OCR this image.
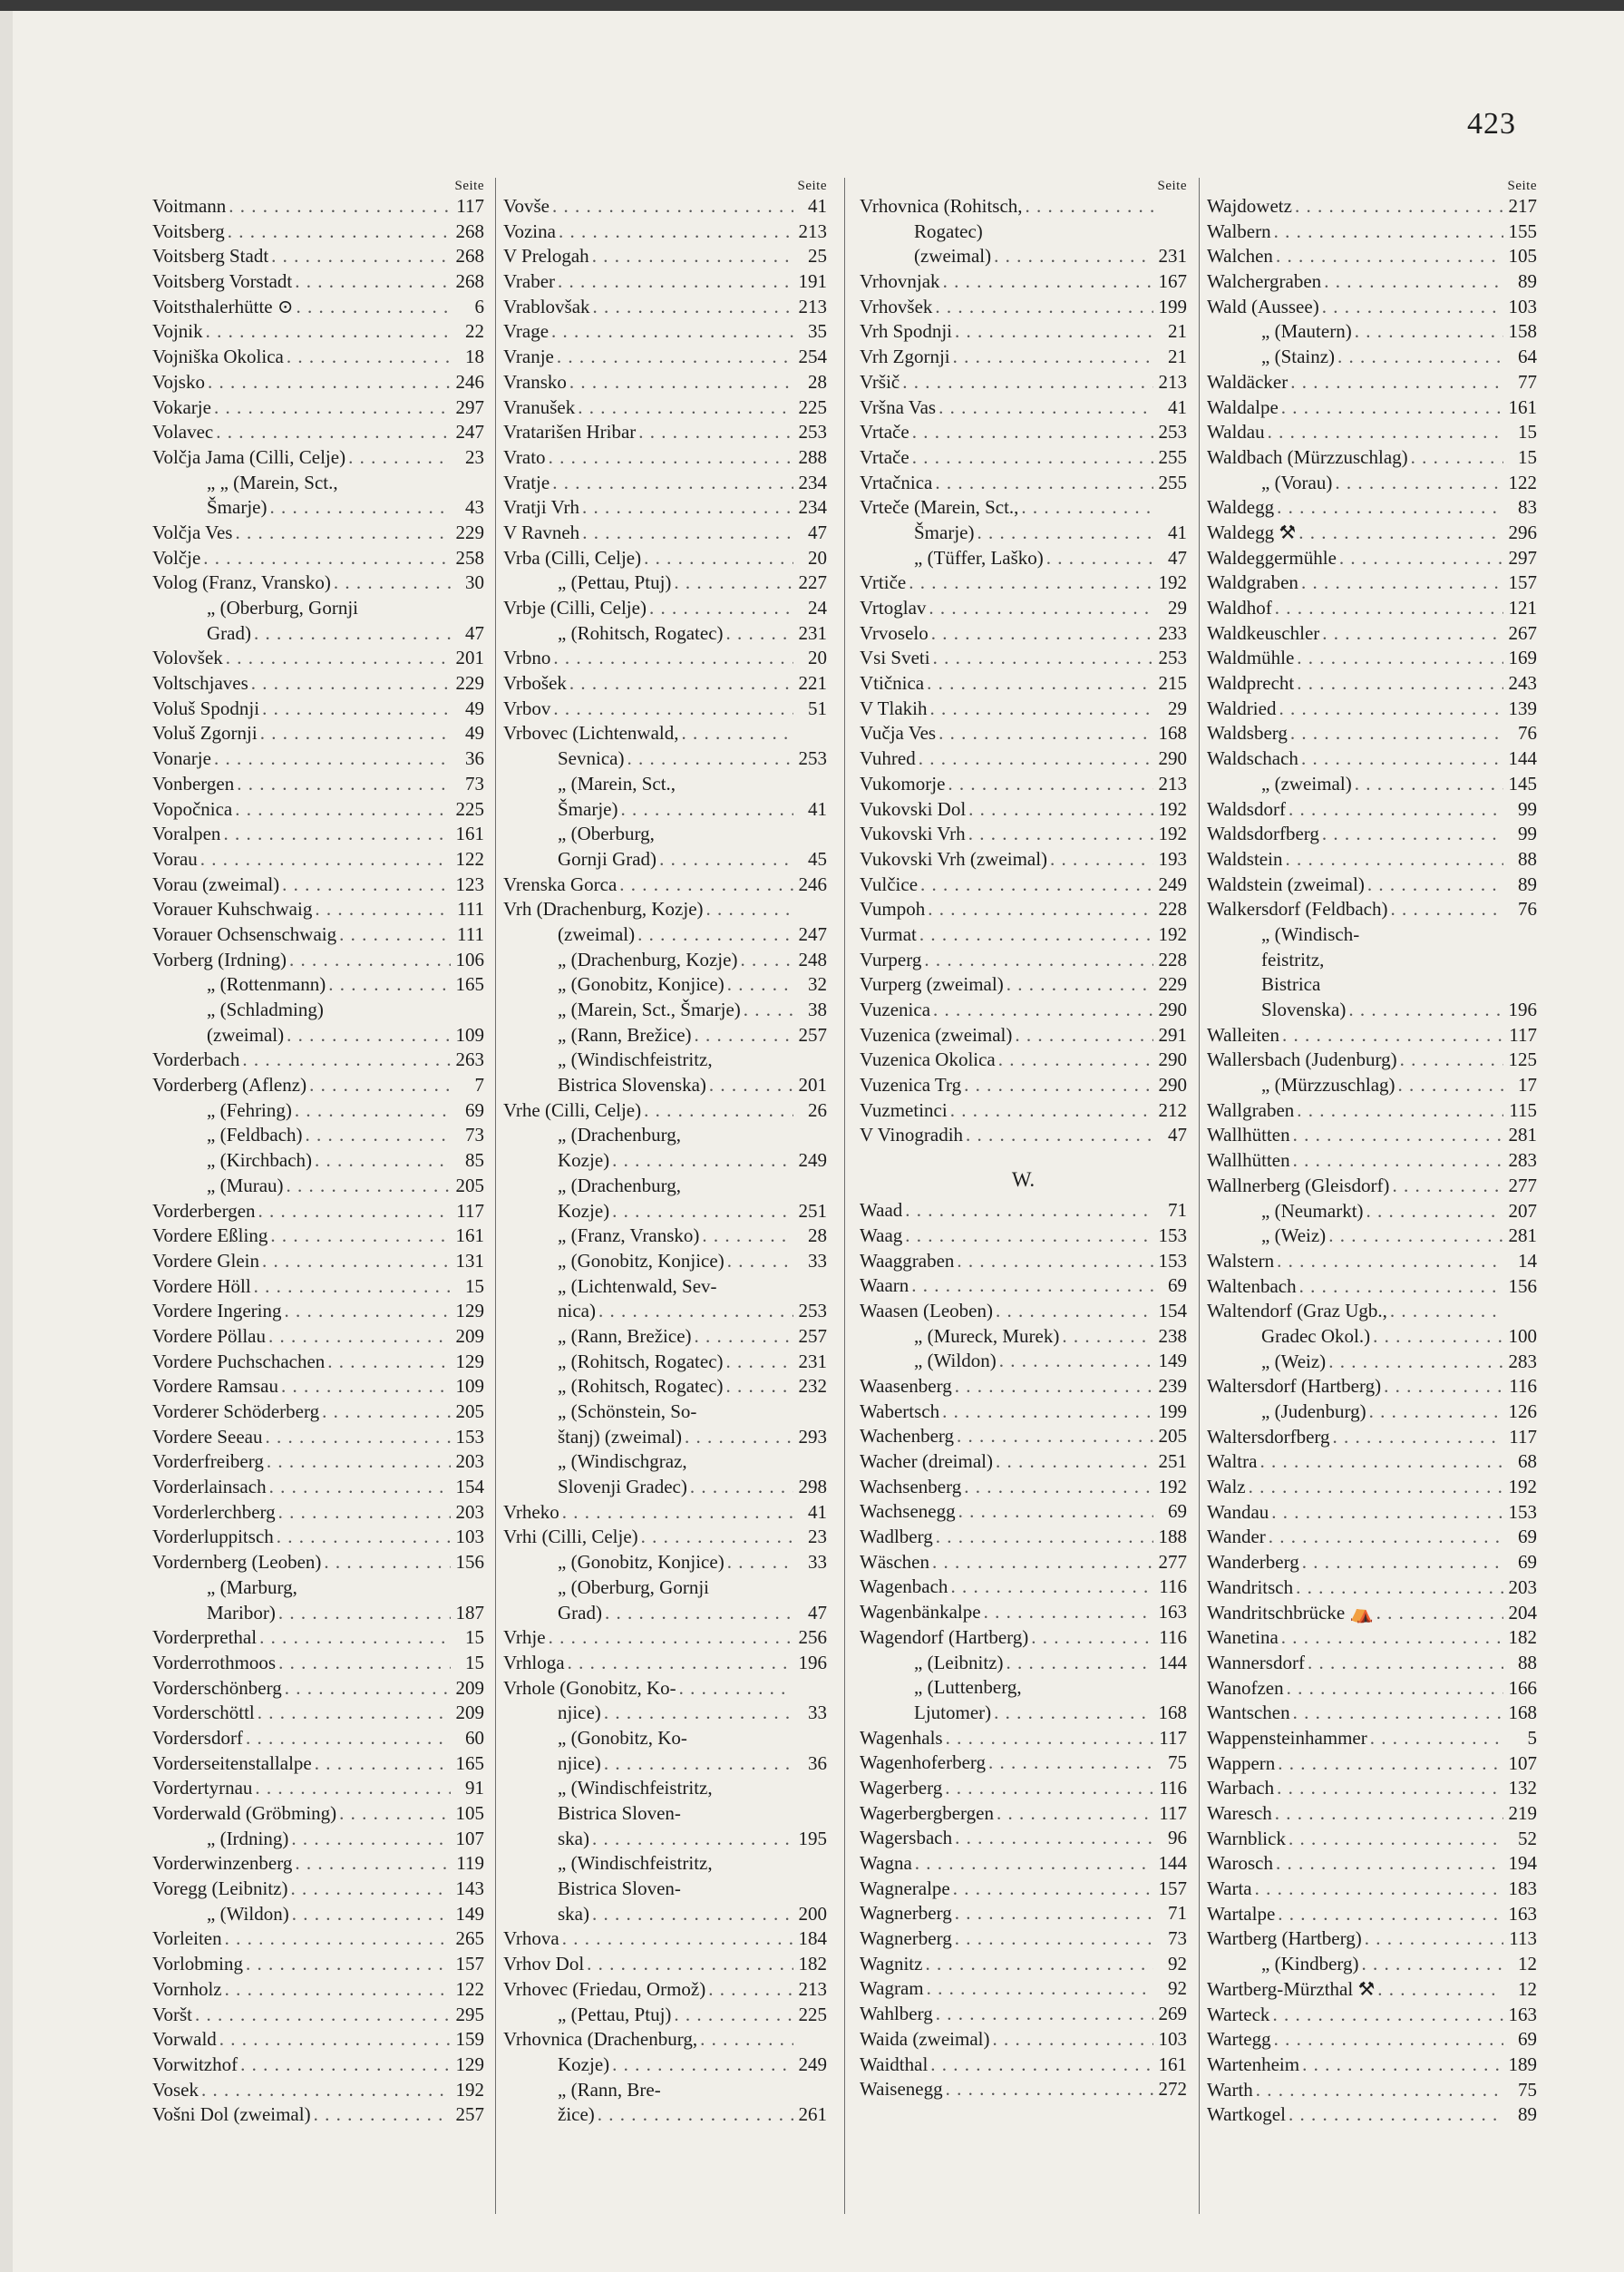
423
Seite
Voitmann . . .	117
Voitsberg . . .	268
Voitsberg Stadt . . .	268
Voitsberg Vorstadt . . .	268
Voitsthalerhütte ⊙ . . .	6
Vojnik . . .	22
Vojniška Okolica . . .	18
Vojsko . . .	246
Vokarje . . .	297
Volavec . . .	247
Volčja Jama (Cilli, Celje) . . .	23
„ „ (Marein, Sct.,
Šmarje) . . .	43
Volčja Ves . . .	229
Volčje . . .	258
Volog (Franz, Vransko) . . .	30
„ (Oberburg, Gornji
Grad) . . .	47
Volovšek . . .	201
Voltschjaves . . .	229
Voluš Spodnji . . .	49
Voluš Zgornji . . .	49
Vonarje . . .	36
Vonbergen . . .	73
Vopočnica . . .	225
Voralpen . . .	161
Vorau . . .	122
Vorau (zweimal) . . .	123
Vorauer Kuhschwaig . . .	111
Vorauer Ochsenschwaig . . .	111
Vorberg (Irdning) . . .	106
„ (Rottenmann) . . .	165
„ (Schladming)
(zweimal) . . .	109
Vorderbach . . .	263
Vorderberg (Aflenz) . . .	7
„ (Fehring) . . .	69
„ (Feldbach) . . .	73
„ (Kirchbach) . . .	85
„ (Murau) . . .	205
Vorderbergen . . .	117
Vordere Eßling . . .	161
Vordere Glein . . .	131
Vordere Höll . . .	15
Vordere Ingering . . .	129
Vordere Pöllau . . .	209
Vordere Puchschachen . . .	129
Vordere Ramsau . . .	109
Vorderer Schöderberg . . .	205
Vordere Seeau . . .	153
Vorderfreiberg . . .	203
Vorderlainsach . . .	154
Vorderlerchberg . . .	203
Vorderluppitsch . . .	103
Vordernberg (Leoben) . . .	156
„ (Marburg,
Maribor) . . .	187
Vorderprethal . . .	15
Vorderrothmoos . . .	15
Vorderschönberg . . .	209
Vorderschöttl . . .	209
Vordersdorf . . .	60
Vorderseitenstallalpe . . .	165
Vordertyrnau . . .	91
Vorderwald (Gröbming) . . .	105
„ (Irdning) . . .	107
Vorderwinzenberg . . .	119
Voregg (Leibnitz) . . .	143
„ (Wildon) . . .	149
Vorleiten . . .	265
Vorlobming . . .	157
Vornholz . . .	122
Voršt . . .	295
Vorwald . . .	159
Vorwitzhof . . .	129
Vosek . . .	192
Vošni Dol (zweimal) . . .	257
Seite
Vovše . . .	41
Vozina . . .	213
V Prelogah . . .	25
Vraber . . .	191
Vrablovšak . . .	213
Vrage . . .	35
Vranje . . .	254
Vransko . . .	28
Vranušek . . .	225
Vratarišen Hribar . . .	253
Vrato . . .	288
Vratje . . .	234
Vratji Vrh . . .	234
V Ravneh . . .	47
Vrba (Cilli, Celje) . . .	20
„ (Pettau, Ptuj) . . .	227
Vrbje (Cilli, Celje) . . .	24
„ (Rohitsch, Rogatec) . . .	231
Vrbno . . .	20
Vrbošek . . .	221
Vrbov . . .	51
Vrbovec (Lichtenwald,
. . .
Sevnica) . . .	253
„ (Marein, Sct.,
Šmarje) . . .	41
„ (Oberburg,
Gornji Grad) . . .	45
Vrenska Gorca . . .	246
Vrh (Drachenburg, Kozje)
. . .
(zweimal) . . .	247
„ (Drachenburg, Kozje) . . .	248
„ (Gonobitz, Konjice) . . .	32
„ (Marein, Sct., Šmarje) . . .	38
„ (Rann, Brežice) . . .	257
„ (Windischfeistritz,
Bistrica Slovenska) . . .	201
Vrhe (Cilli, Celje) . . .	26
„ (Drachenburg,
Kozje) . . .	249
„ (Drachenburg,
Kozje) . . .	251
„ (Franz, Vransko) . . .	28
„ (Gonobitz, Konjice) . . .	33
„ (Lichtenwald, Sev-
nica) . . .	253
„ (Rann, Brežice) . . .	257
„ (Rohitsch, Rogatec) . . .	231
„ (Rohitsch, Rogatec) . . .	232
„ (Schönstein, So-
štanj) (zweimal) . . .	293
„ (Windischgraz,
Slovenji Gradec) . . .	298
Vrheko . . .	41
Vrhi (Cilli, Celje) . . .	23
„ (Gonobitz, Konjice) . . .	33
„ (Oberburg, Gornji
Grad) . . .	47
Vrhje . . .	256
Vrhloga . . .	196
Vrhole (Gonobitz, Ko-
. . .
njice) . . .	33
„ (Gonobitz, Ko-
njice) . . .	36
„ (Windischfeistritz,
Bistrica Sloven-
ska) . . .	195
„ (Windischfeistritz,
Bistrica Sloven-
ska) . . .	200
Vrhova . . .	184
Vrhov Dol . . .	182
Vrhovec (Friedau, Ormož) . . .	213
„ (Pettau, Ptuj) . . .	225
Vrhovnica (Drachenburg,
. . .
Kozje) . . .	249
„ (Rann, Bre-
žice) . . .	261
Seite
Vrhovnica (Rohitsch,
. . .
Rogatec)
(zweimal) . . .	231
Vrhovnjak . . .	167
Vrhovšek . . .	199
Vrh Spodnji . . .	21
Vrh Zgornji . . .	21
Vršič . . .	213
Vršna Vas . . .	41
Vrtače . . .	253
Vrtače . . .	255
Vrtačnica . . .	255
Vrteče (Marein, Sct.,
. . .
Šmarje) . . .	41
„ (Tüffer, Laško) . . .	47
Vrtiče . . .	192
Vrtoglav . . .	29
Vrvoselo . . .	233
Vsi Sveti . . .	253
Vtičnica . . .	215
V Tlakih . . .	29
Vučja Ves . . .	168
Vuhred . . .	290
Vukomorje . . .	213
Vukovski Dol . . .	192
Vukovski Vrh . . .	192
Vukovski Vrh (zweimal) . . .	193
Vulčice . . .	249
Vumpoh . . .	228
Vurmat . . .	192
Vurperg . . .	228
Vurperg (zweimal) . . .	229
Vuzenica . . .	290
Vuzenica (zweimal) . . .	291
Vuzenica Okolica . . .	290
Vuzenica Trg . . .	290
Vuzmetinci . . .	212
V Vinogradih . . .	47
W.
Waad . . .	71
Waag . . .	153
Waaggraben . . .	153
Waarn . . .	69
Waasen (Leoben) . . .	154
„ (Mureck, Murek) . . .	238
„ (Wildon) . . .	149
Waasenberg . . .	239
Wabertsch . . .	199
Wachenberg . . .	205
Wacher (dreimal) . . .	251
Wachsenberg . . .	192
Wachsenegg . . .	69
Wadlberg . . .	188
Wäschen . . .	277
Wagenbach . . .	116
Wagenbänkalpe . . .	163
Wagendorf (Hartberg) . . .	116
„ (Leibnitz) . . .	144
„ (Luttenberg,
Ljutomer) . . .	168
Wagenhals . . .	117
Wagenhoferberg . . .	75
Wagerberg . . .	116
Wagerbergbergen . . .	117
Wagersbach . . .	96
Wagna . . .	144
Wagneralpe . . .	157
Wagnerberg . . .	71
Wagnerberg . . .	73
Wagnitz . . .	92
Wagram . . .	92
Wahlberg . . .	269
Waida (zweimal) . . .	103
Waidthal . . .	161
Waisenegg . . .	272
Seite
Wajdowetz . . .	217
Walbern . . .	155
Walchen . . .	105
Walchergraben . . .	89
Wald (Aussee) . . .	103
„ (Mautern) . . .	158
„ (Stainz) . . .	64
Waldäcker . . .	77
Waldalpe . . .	161
Waldau . . .	15
Waldbach (Mürzzuschlag) . . .	15
„ (Vorau) . . .	122
Waldegg . . .	83
Waldegg ⚒ . . .	296
Waldeggermühle . . .	297
Waldgraben . . .	157
Waldhof . . .	121
Waldkeuschler . . .	267
Waldmühle . . .	169
Waldprecht . . .	243
Waldried . . .	139
Waldsberg . . .	76
Waldschach . . .	144
„ (zweimal) . . .	145
Waldsdorf . . .	99
Waldsdorfberg . . .	99
Waldstein . . .	88
Waldstein (zweimal) . . .	89
Walkersdorf (Feldbach) . . .	76
„ (Windisch-
feistritz,
Bistrica
Slovenska) . . .	196
Walleiten . . .	117
Wallersbach (Judenburg) . . .	125
„ (Mürzzuschlag) . . .	17
Wallgraben . . .	115
Wallhütten . . .	281
Wallhütten . . .	283
Wallnerberg (Gleisdorf) . . .	277
„ (Neumarkt) . . .	207
„ (Weiz) . . .	281
Walstern . . .	14
Waltenbach . . .	156
Waltendorf (Graz Ugb.,
. . .
Gradec Okol.) . . .	100
„ (Weiz) . . .	283
Waltersdorf (Hartberg) . . .	116
„ (Judenburg) . . .	126
Waltersdorfberg . . .	117
Waltra . . .	68
Walz . . .	192
Wandau . . .	153
Wander . . .	69
Wanderberg . . .	69
Wandritsch . . .	203
Wandritschbrücke ⛺ . . .	204
Wanetina . . .	182
Wannersdorf . . .	88
Wanofzen . . .	166
Wantschen . . .	168
Wappensteinhammer . . .	5
Wappern . . .	107
Warbach . . .	132
Waresch . . .	219
Warnblick . . .	52
Warosch . . .	194
Warta . . .	183
Wartalpe . . .	163
Wartberg (Hartberg) . . .	113
„ (Kindberg) . . .	12
Wartberg-Mürzthal ⚒ . . .	12
Warteck . . .	163
Wartegg . . .	69
Wartenheim . . .	189
Warth . . .	75
Wartkogel . . .	89
